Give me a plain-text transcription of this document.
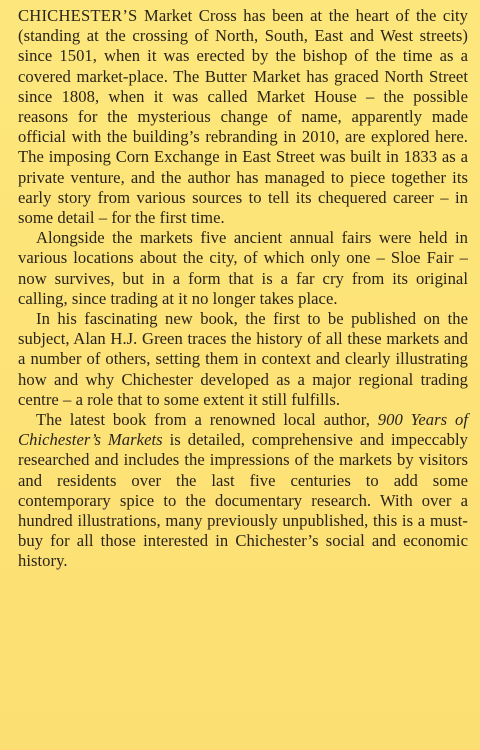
CHICHESTER’S Market Cross has been at the heart of the city (standing at the crossing of North, South, East and West streets) since 1501, when it was erected by the bishop of the time as a covered market-place. The Butter Market has graced North Street since 1808, when it was called Market House – the possible reasons for the mysterious change of name, apparently made official with the building’s rebranding in 2010, are explored here. The imposing Corn Exchange in East Street was built in 1833 as a private venture, and the author has managed to piece together its early story from various sources to tell its chequered career – in some detail – for the first time.

Alongside the markets five ancient annual fairs were held in various locations about the city, of which only one – Sloe Fair – now survives, but in a form that is a far cry from its original calling, since trading at it no longer takes place.

In his fascinating new book, the first to be published on the subject, Alan H.J. Green traces the history of all these markets and a number of others, setting them in context and clearly illustrating how and why Chichester developed as a major regional trading centre – a role that to some extent it still fulfills.

The latest book from a renowned local author, 900 Years of Chichester’s Markets is detailed, comprehensive and impeccably researched and includes the impressions of the markets by visitors and residents over the last five centuries to add some contemporary spice to the documentary research. With over a hundred illustrations, many previously unpublished, this is a must-buy for all those interested in Chichester’s social and economic history.
